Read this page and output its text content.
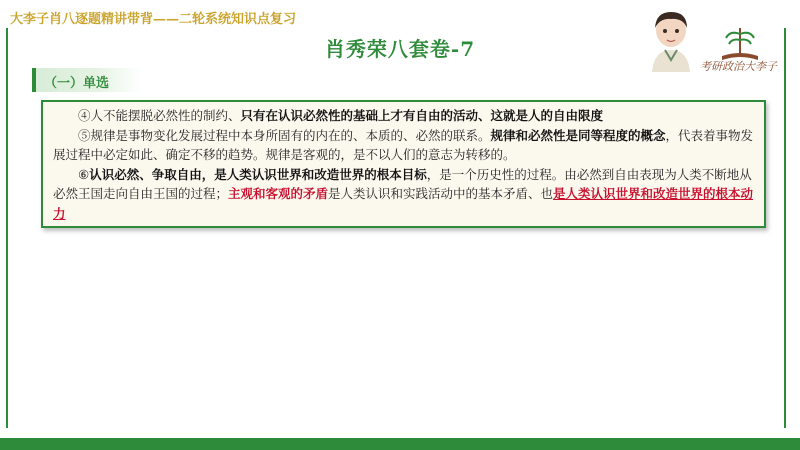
大李子肖八逐题精讲带背——二轮系统知识点复习
肖秀荣八套卷-7
（一）单选
考研政治大李子

④人不能摆脱必然性的制约、只有在认识必然性的基础上才有自由的活动、这就是人的自由限度

⑤规律是事物变化发展过程中本身所固有的内在的、本质的、必然的联系。规律和必然性是同等程度的概念，代表着事物发展过程中必定如此、确定不移的趋势。规律是客观的，是不以人们的意志为转移的。

⑥认识必然、争取自由，是人类认识世界和改造世界的根本目标，是一个历史性的过程。由必然到自由表现为人类不断地从必然王国走向自由王国的过程；主观和客观的矛盾是人类认识和实践活动中的基本矛盾、也是人类认识世界和改造世界的根本动力
